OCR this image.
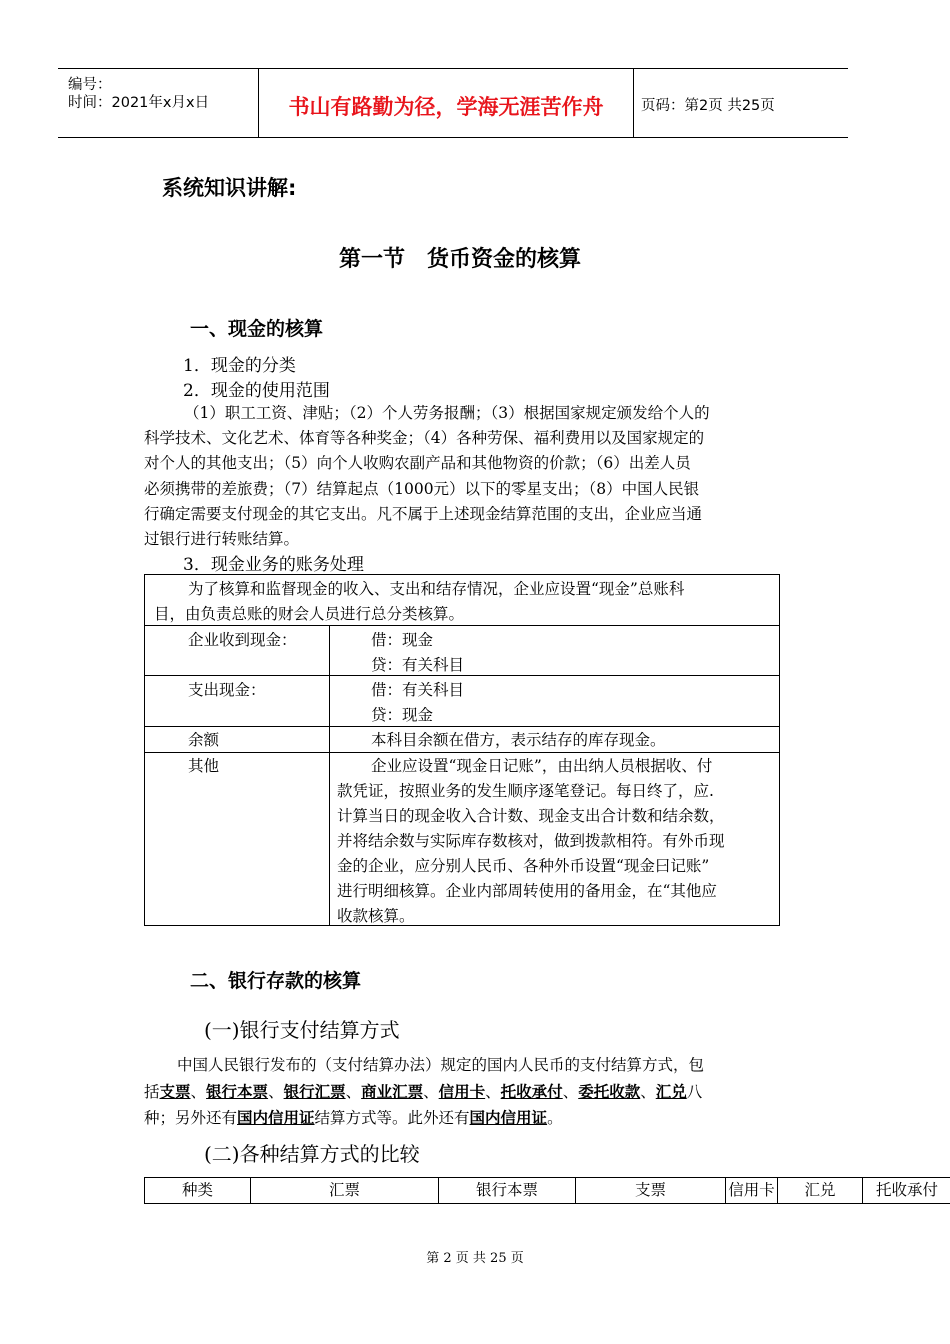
编号：
时间：2021年x月x日	书山有路勤为径，学海无涯苦作舟	页码：第2页 共25页
系统知识讲解:
第一节　货币资金的核算
一、现金的核算
1．现金的分类
2．现金的使用范围
（1）职工工资、津贴；（2）个人劳务报酬；（3）根据国家规定颁发给个人的
科学技术、文化艺术、体育等各种奖金；（4）各种劳保、福利费用以及国家规定的
对个人的其他支出；（5）向个人收购农副产品和其他物资的价款；（6）出差人员
必须携带的差旅费；（7）结算起点（1000元）以下的零星支出；（8）中国人民银
行确定需要支付现金的其它支出。凡不属于上述现金结算范围的支出，企业应当通
过银行进行转账结算。
3．现金业务的账务处理
为了核算和监督现金的收入、支出和结存情况，企业应设置“现金”总账科
目，由负责总账的财会人员进行总分类核算。
企业收到现金：	借：现金
贷：有关科目
支出现金：	借：有关科目
贷：现金
余额	本科目余额在借方，表示结存的库存现金。
其他	企业应设置“现金日记账”，由出纳人员根据收、付
款凭证，按照业务的发生顺序逐笔登记。每日终了，应.
计算当日的现金收入合计数、现金支出合计数和结余数，
并将结余数与实际库存数核对，做到拨款相符。有外币现
金的企业，应分别人民币、各种外币设置“现金曰记账”
进行明细核算。企业内部周转使用的备用金，在“其他应
收款核算。
二、银行存款的核算
(一)银行支付结算方式
中国人民银行发布的（支付结算办法）规定的国内人民币的支付结算方式，包
括支票、银行本票、银行汇票、商业汇票、信用卡、托收承付、委托收款、汇兑八
种；另外还有国内信用证结算方式等。此外还有国内信用证。
(二)各种结算方式的比较
种类	汇票	银行本票	支票	信用卡	汇兑	托收承付
第 2 页 共 25 页
